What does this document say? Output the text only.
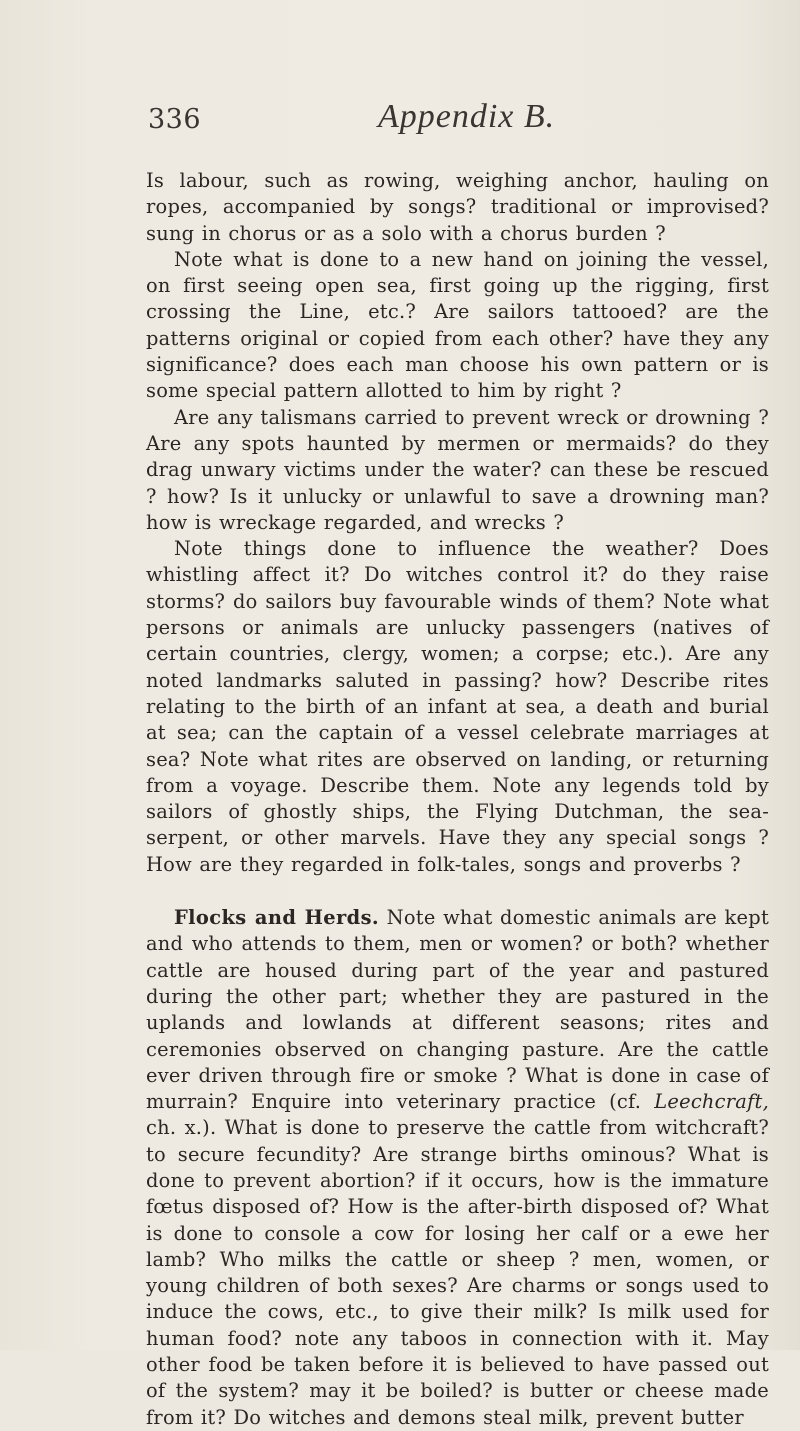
336	Appendix B.

Is labour, such as rowing, weighing anchor, hauling on ropes, accompanied by songs? traditional or improvised? sung in chorus or as a solo with a chorus burden ?

Note what is done to a new hand on joining the vessel, on first seeing open sea, first going up the rigging, first crossing the Line, etc.? Are sailors tattooed? are the patterns original or copied from each other? have they any significance? does each man choose his own pattern or is some special pattern allotted to him by right ?

Are any talismans carried to prevent wreck or drowning ? Are any spots haunted by mermen or mermaids? do they drag unwary victims under the water? can these be rescued ? how? Is it unlucky or unlawful to save a drowning man? how is wreckage regarded, and wrecks ?

Note things done to influence the weather? Does whistling affect it? Do witches control it? do they raise storms? do sailors buy favourable winds of them? Note what persons or animals are unlucky passengers (natives of certain countries, clergy, women; a corpse; etc.). Are any noted landmarks saluted in passing? how? Describe rites relating to the birth of an infant at sea, a death and burial at sea; can the captain of a vessel celebrate marriages at sea? Note what rites are observed on landing, or returning from a voyage. Describe them. Note any legends told by sailors of ghostly ships, the Flying Dutchman, the sea-serpent, or other marvels. Have they any special songs ? How are they regarded in folk-tales, songs and proverbs ?

Flocks and Herds. Note what domestic animals are kept and who attends to them, men or women? or both? whether cattle are housed during part of the year and pastured during the other part; whether they are pastured in the uplands and lowlands at different seasons; rites and ceremonies observed on changing pasture. Are the cattle ever driven through fire or smoke ? What is done in case of murrain? Enquire into veterinary practice (cf. Leechcraft, ch. x.). What is done to preserve the cattle from witchcraft? to secure fecundity? Are strange births ominous? What is done to prevent abortion? if it occurs, how is the immature fœtus disposed of? How is the after-birth disposed of? What is done to console a cow for losing her calf or a ewe her lamb? Who milks the cattle or sheep ? men, women, or young children of both sexes? Are charms or songs used to induce the cows, etc., to give their milk? Is milk used for human food? note any taboos in connection with it. May other food be taken before it is believed to have passed out of the system? may it be boiled? is butter or cheese made from it? Do witches and demons steal milk, prevent butter
